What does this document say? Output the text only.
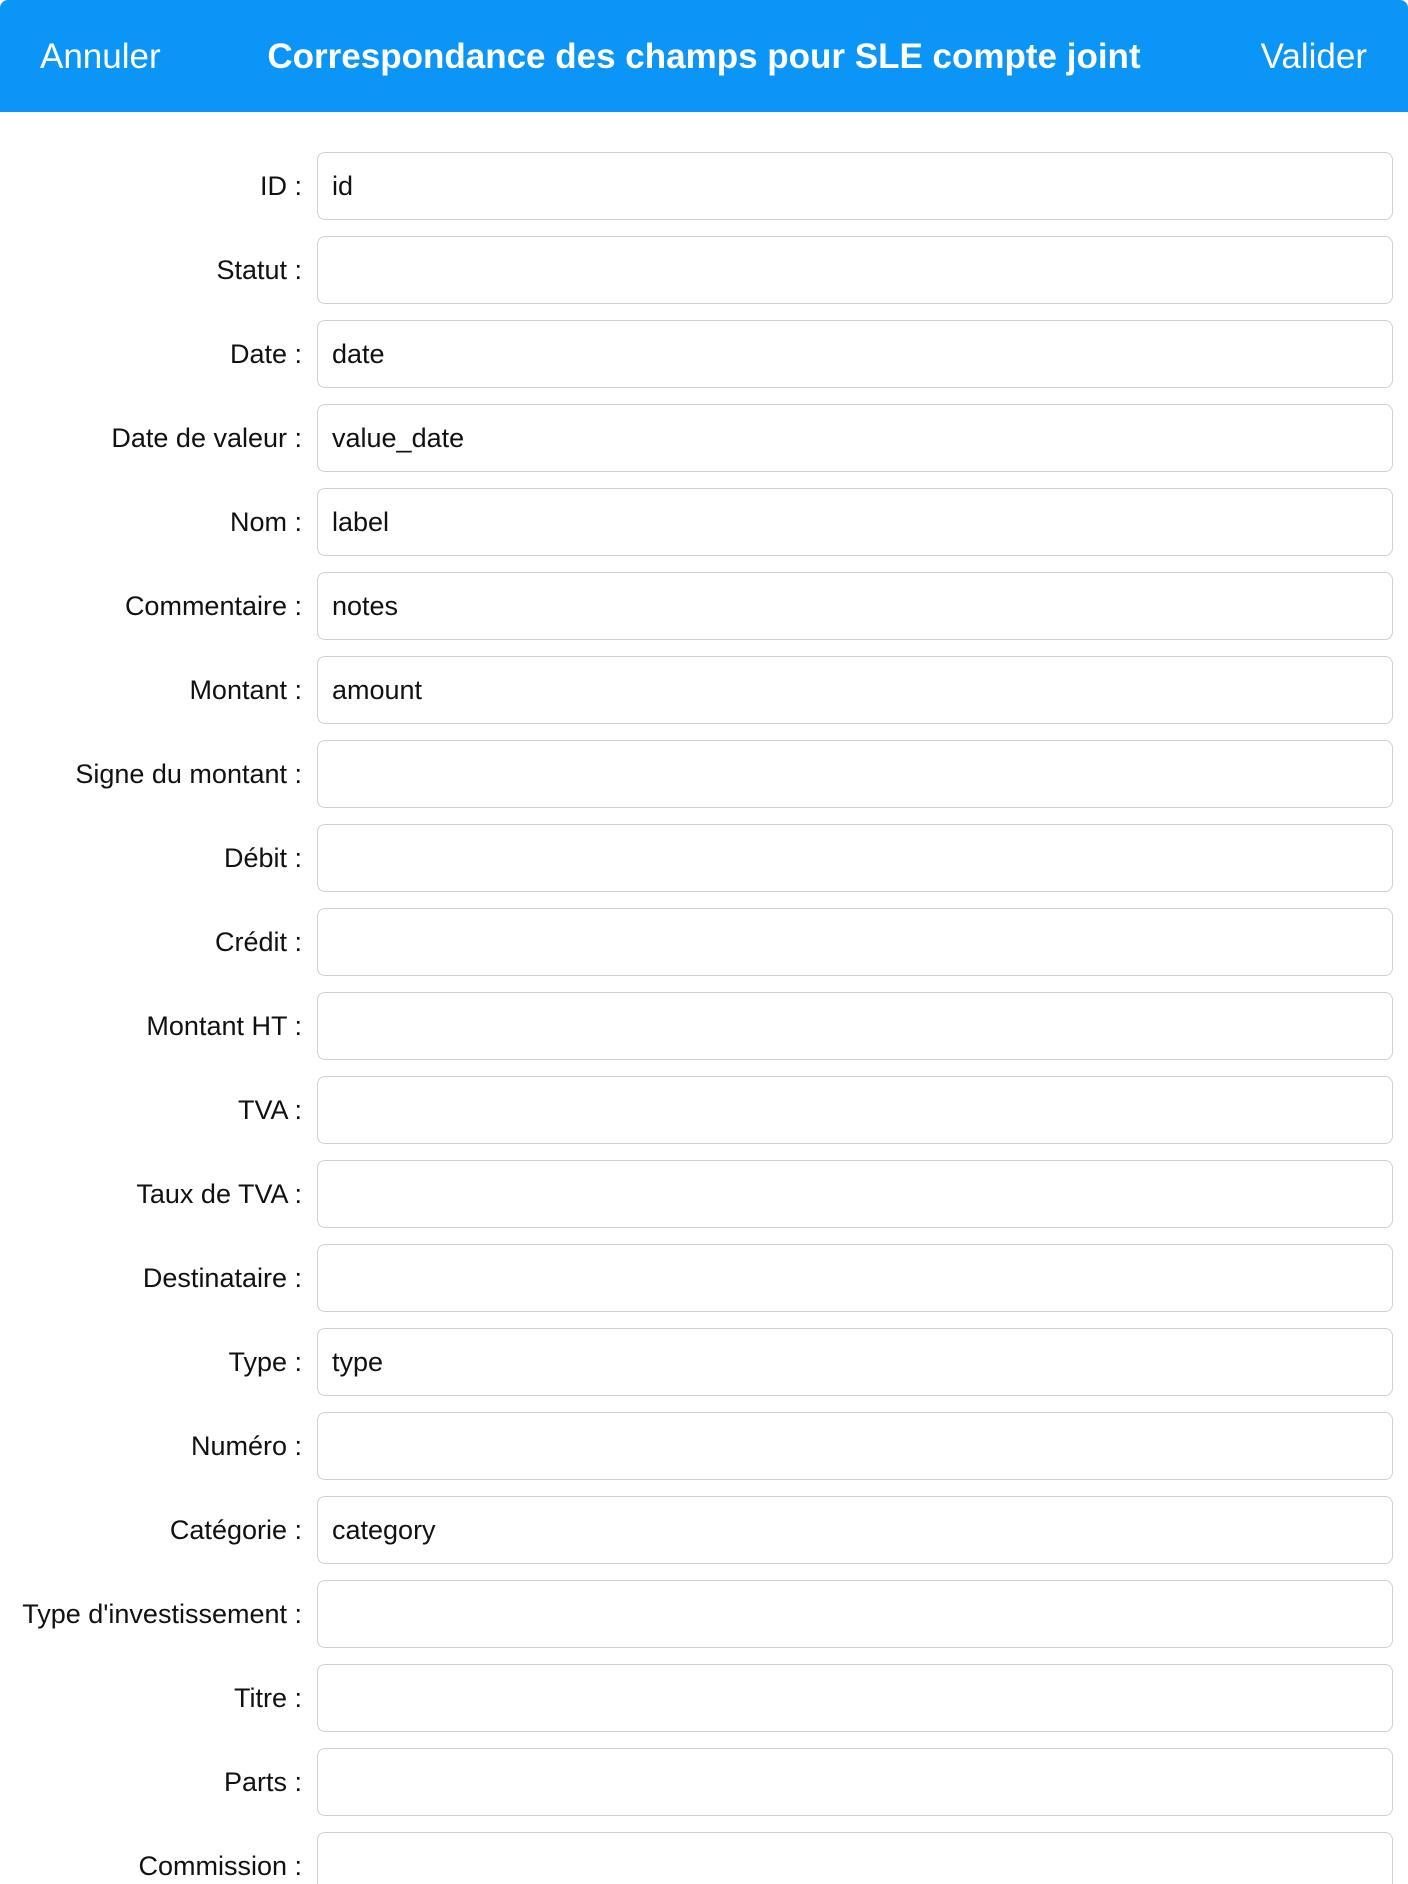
Annuler	Correspondance des champs pour SLE compte joint	Valider
ID :
id
Statut :
Date :
date
Date de valeur :
value_date
Nom :
label
Commentaire :
notes
Montant :
amount
Signe du montant :
Débit :
Crédit :
Montant HT :
TVA :
Taux de TVA :
Destinataire :
Type :
type
Numéro :
Catégorie :
category
Type d'investissement :
Titre :
Parts :
Commission :
